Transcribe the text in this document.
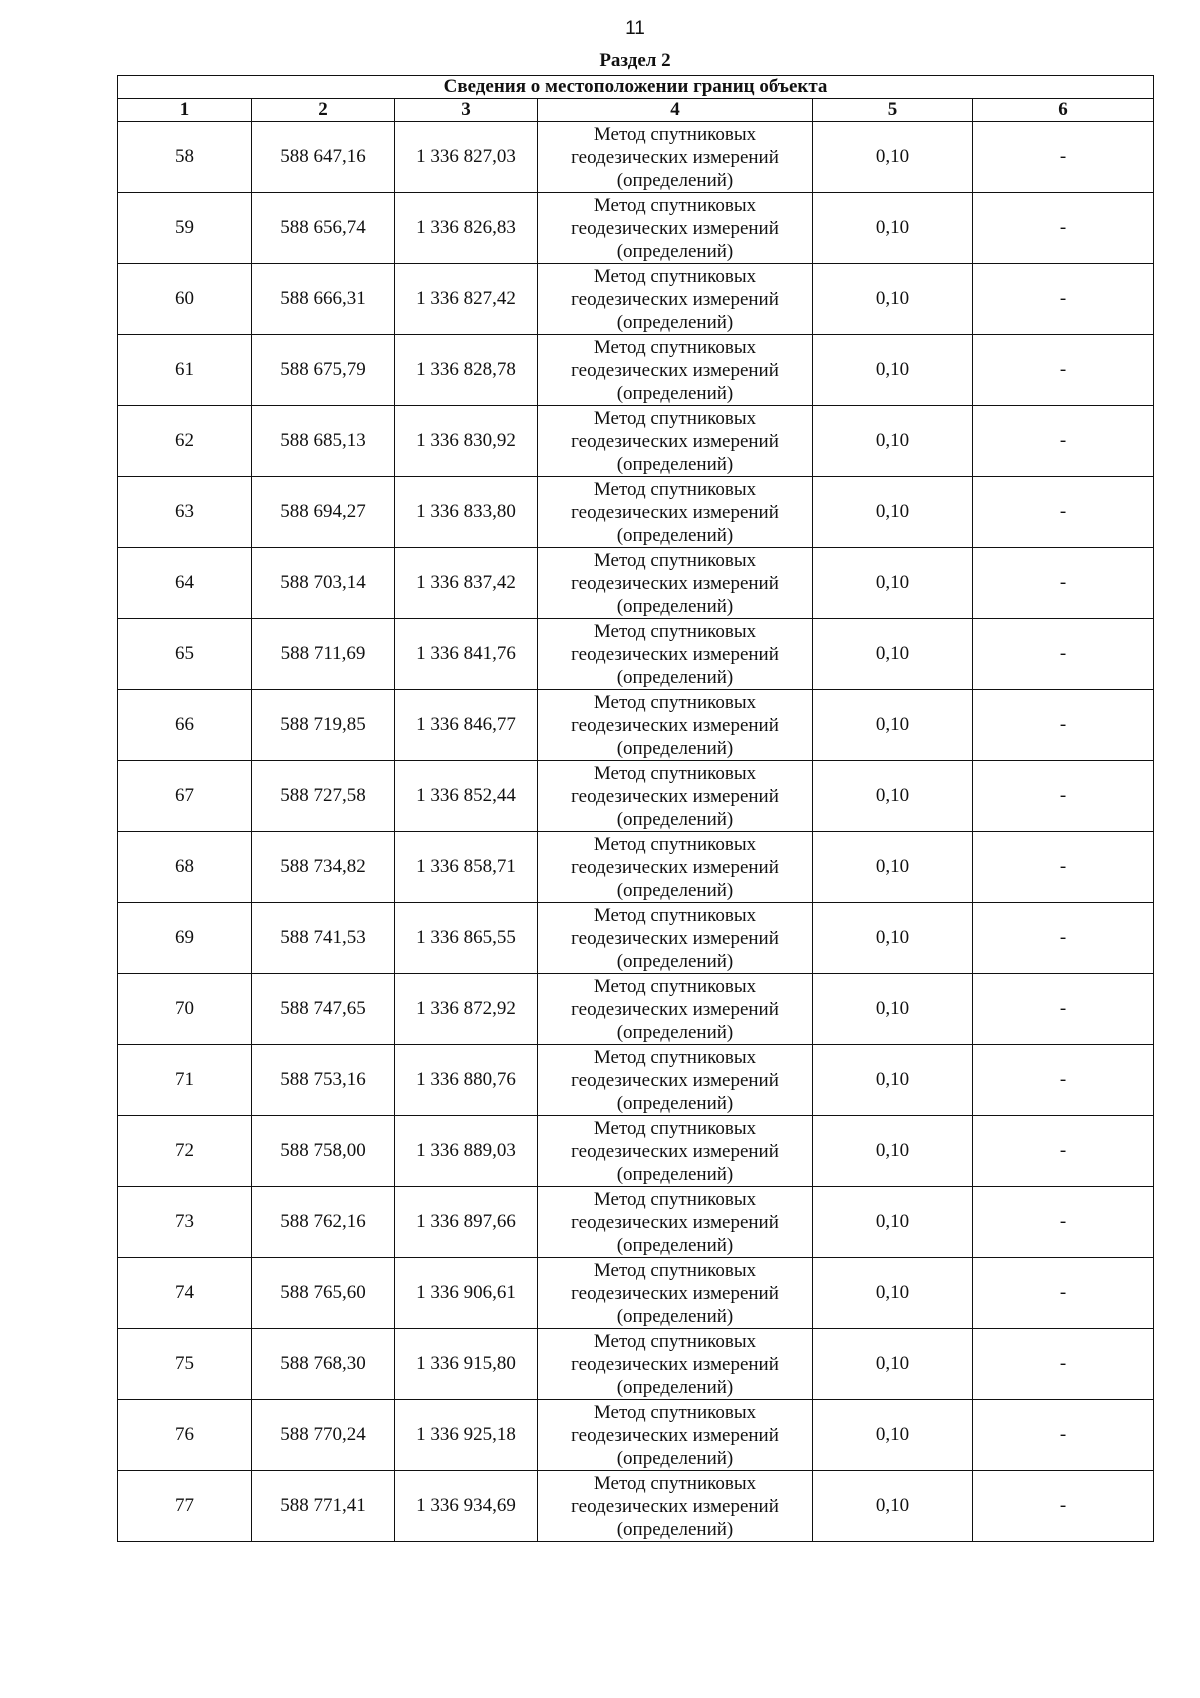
11
Раздел 2
Сведения о местоположении границ объекта					
1	2	3	4	5	6
58	588 647,16	1 336 827,03	Метод спутниковых
геодезических измерений
(определений)	0,10	-
59	588 656,74	1 336 826,83	Метод спутниковых
геодезических измерений
(определений)	0,10	-
60	588 666,31	1 336 827,42	Метод спутниковых
геодезических измерений
(определений)	0,10	-
61	588 675,79	1 336 828,78	Метод спутниковых
геодезических измерений
(определений)	0,10	-
62	588 685,13	1 336 830,92	Метод спутниковых
геодезических измерений
(определений)	0,10	-
63	588 694,27	1 336 833,80	Метод спутниковых
геодезических измерений
(определений)	0,10	-
64	588 703,14	1 336 837,42	Метод спутниковых
геодезических измерений
(определений)	0,10	-
65	588 711,69	1 336 841,76	Метод спутниковых
геодезических измерений
(определений)	0,10	-
66	588 719,85	1 336 846,77	Метод спутниковых
геодезических измерений
(определений)	0,10	-
67	588 727,58	1 336 852,44	Метод спутниковых
геодезических измерений
(определений)	0,10	-
68	588 734,82	1 336 858,71	Метод спутниковых
геодезических измерений
(определений)	0,10	-
69	588 741,53	1 336 865,55	Метод спутниковых
геодезических измерений
(определений)	0,10	-
70	588 747,65	1 336 872,92	Метод спутниковых
геодезических измерений
(определений)	0,10	-
71	588 753,16	1 336 880,76	Метод спутниковых
геодезических измерений
(определений)	0,10	-
72	588 758,00	1 336 889,03	Метод спутниковых
геодезических измерений
(определений)	0,10	-
73	588 762,16	1 336 897,66	Метод спутниковых
геодезических измерений
(определений)	0,10	-
74	588 765,60	1 336 906,61	Метод спутниковых
геодезических измерений
(определений)	0,10	-
75	588 768,30	1 336 915,80	Метод спутниковых
геодезических измерений
(определений)	0,10	-
76	588 770,24	1 336 925,18	Метод спутниковых
геодезических измерений
(определений)	0,10	-
77	588 771,41	1 336 934,69	Метод спутниковых
геодезических измерений
(определений)	0,10	-
